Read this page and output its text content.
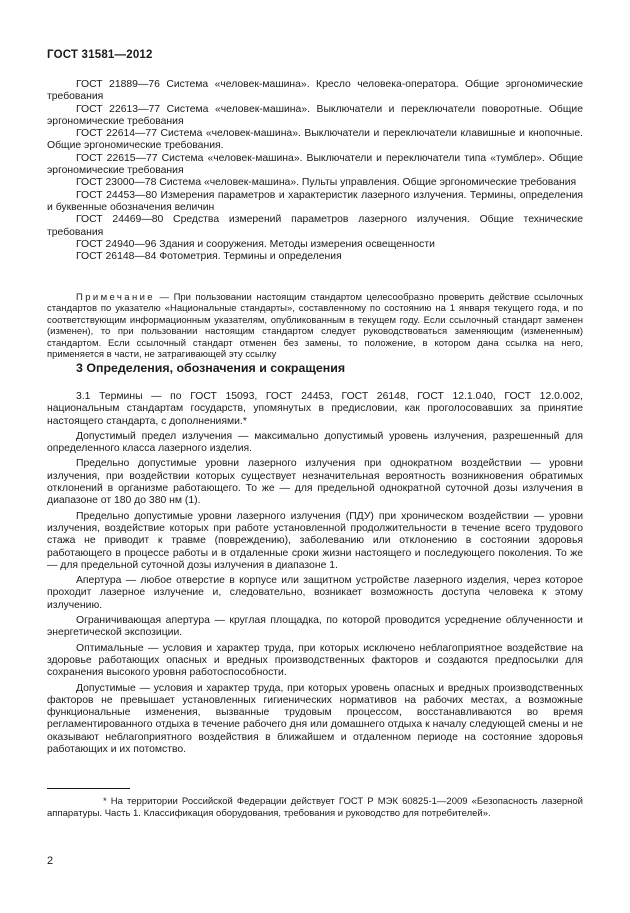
ГОСТ 31581—2012

ГОСТ 21889—76 Система «человек-машина». Кресло человека-оператора. Общие эргономические требования

ГОСТ 22613—77 Система «человек-машина». Выключатели и переключатели поворотные. Общие эргономические требования

ГОСТ 22614—77 Система «человек-машина». Выключатели и переключатели клавишные и кнопочные. Общие эргономические требования.

ГОСТ 22615—77 Система «человек-машина». Выключатели и переключатели типа «тумблер». Общие эргономические требования

ГОСТ 23000—78 Система «человек-машина». Пульты управления. Общие эргономические требования

ГОСТ 24453—80 Измерения параметров и характеристик лазерного излучения. Термины, определения и буквенные обозначения величин

ГОСТ 24469—80 Средства измерений параметров лазерного излучения. Общие технические требования

ГОСТ 24940—96 Здания и сооружения. Методы измерения освещенности

ГОСТ 26148—84 Фотометрия. Термины и определения

Примечание — При пользовании настоящим стандартом целесообразно проверить действие ссылочных стандартов по указателю «Национальные стандарты», составленному по состоянию на 1 января текущего года, и по соответствующим информационным указателям, опубликованным в текущем году. Если ссылочный стандарт заменен (изменен), то при пользовании настоящим стандартом следует руководствоваться заменяющим (измененным) стандартом. Если ссылочный стандарт отменен без замены, то положение, в котором дана ссылка на него, применяется в части, не затрагивающей эту ссылку

3 Определения, обозначения и сокращения

3.1 Термины — по ГОСТ 15093, ГОСТ 24453, ГОСТ 26148, ГОСТ 12.1.040, ГОСТ 12.0.002, национальным стандартам государств, упомянутых в предисловии, как проголосовавших за принятие настоящего стандарта, с дополнениями.*

Допустимый предел излучения — максимально допустимый уровень излучения, разрешенный для определенного класса лазерного изделия.

Предельно допустимые уровни лазерного излучения при однократном воздействии — уровни излучения, при воздействии которых существует незначительная вероятность возникновения обратимых отклонений в организме работающего. То же — для предельной однократной суточной дозы излучения в диапазоне от 180 до 380 нм (1).

Предельно допустимые уровни лазерного излучения (ПДУ) при хроническом воздействии — уровни излучения, воздействие которых при работе установленной продолжительности в течение всего трудового стажа не приводит к травме (повреждению), заболеванию или отклонению в состоянии здоровья работающего в процессе работы и в отдаленные сроки жизни настоящего и последующего поколения. То же — для предельной суточной дозы излучения в диапазоне 1.

Апертура — любое отверстие в корпусе или защитном устройстве лазерного изделия, через которое проходит лазерное излучение и, следовательно, возникает возможность доступа человека к этому излучению.

Ограничивающая апертура — круглая площадка, по которой проводится усреднение облученности и энергетической экспозиции.

Оптимальные — условия и характер труда, при которых исключено неблагоприятное воздействие на здоровье работающих опасных и вредных производственных факторов и создаются предпосылки для сохранения высокого уровня работоспособности.

Допустимые — условия и характер труда, при которых уровень опасных и вредных производственных факторов не превышает установленных гигиенических нормативов на рабочих местах, а возможные функциональные изменения, вызванные трудовым процессом, восстанавливаются во время регламентированного отдыха в течение рабочего дня или домашнего отдыха к началу следующей смены и не оказывают неблагоприятного воздействия в ближайшем и отдаленном периоде на состояние здоровья работающих и их потомство.

* На территории Российской Федерации действует ГОСТ Р МЭК 60825-1—2009 «Безопасность лазерной аппаратуры. Часть 1. Классификация оборудования, требования и руководство для потребителей».

2
